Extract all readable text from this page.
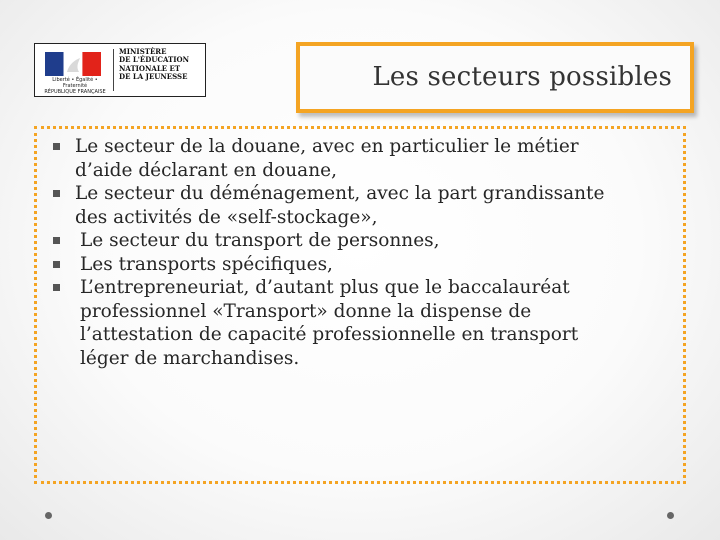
Liberté • Égalité • Fraternité
RÉPUBLIQUE FRANÇAISE
MINISTÈRE
DE L'ÉDUCATION
NATIONALE ET
DE LA JEUNESSE	Les secteurs possibles
Le secteur de la douane, avec en particulier le métier
d’aide déclarant en douane,
Le secteur du déménagement, avec la part grandissante
des activités de «self-stockage»,
Le secteur du transport de personnes,
Les transports spécifiques,
L’entrepreneuriat, d’autant plus que le baccalauréat
professionnel «Transport» donne la dispense de
l’attestation de capacité professionnelle en transport
léger de marchandises.
